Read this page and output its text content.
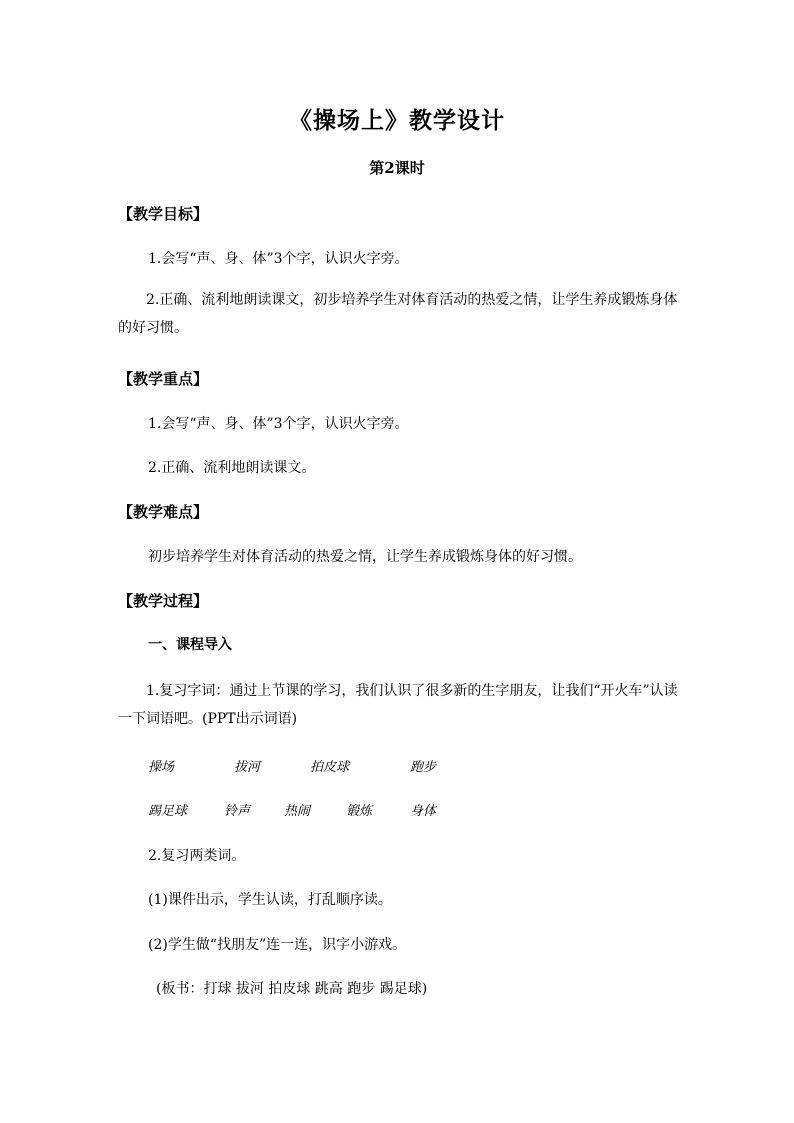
《操场上》教学设计
第2课时
【教学目标】
1.会写“声、身、体”3个字，认识火字旁。
2.正确、流利地朗读课文，初步培养学生对体育活动的热爱之情，让学生养成锻炼身体的好习惯。
【教学重点】
1.会写“声、身、体”3个字，认识火字旁。
2.正确、流利地朗读课文。
【教学难点】
初步培养学生对体育活动的热爱之情，让学生养成锻炼身体的好习惯。
【教学过程】
一、课程导入
1.复习字词：通过上节课的学习，我们认识了很多新的生字朋友，让我们“开火车”认读一下词语吧。(PPT出示词语)
操场	拔河	拍皮球	跑步
踢足球	铃声	热闹	锻炼	身体
2.复习两类词。
(1)课件出示，学生认读，打乱顺序读。
(2)学生做“找朋友”连一连，识字小游戏。
(板书：打球 拔河 拍皮球 跳高 跑步 踢足球)
